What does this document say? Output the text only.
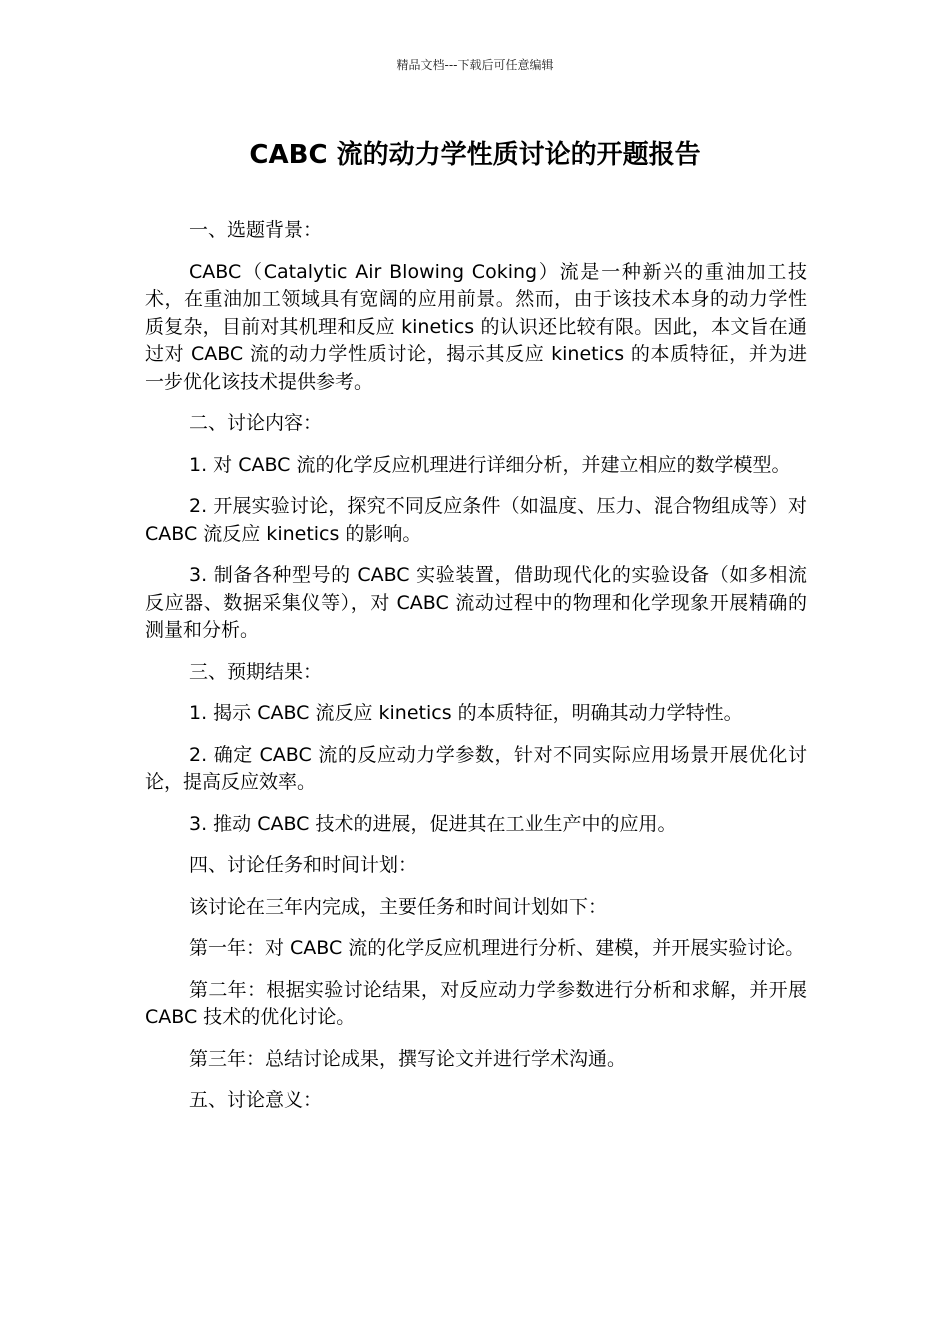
精品文档---下载后可任意编辑
CABC 流的动力学性质讨论的开题报告

一、选题背景：

CABC（Catalytic Air Blowing Coking）流是一种新兴的重油加工技术，在重油加工领域具有宽阔的应用前景。然而，由于该技术本身的动力学性质复杂，目前对其机理和反应 kinetics 的认识还比较有限。因此，本文旨在通过对 CABC 流的动力学性质讨论，揭示其反应 kinetics 的本质特征，并为进一步优化该技术提供参考。

二、讨论内容：

1. 对 CABC 流的化学反应机理进行详细分析，并建立相应的数学模型。

2. 开展实验讨论，探究不同反应条件（如温度、压力、混合物组成等）对 CABC 流反应 kinetics 的影响。

3. 制备各种型号的 CABC 实验装置，借助现代化的实验设备（如多相流反应器、数据采集仪等），对 CABC 流动过程中的物理和化学现象开展精确的测量和分析。

三、预期结果：

1. 揭示 CABC 流反应 kinetics 的本质特征，明确其动力学特性。

2. 确定 CABC 流的反应动力学参数，针对不同实际应用场景开展优化讨论，提高反应效率。

3. 推动 CABC 技术的进展，促进其在工业生产中的应用。

四、讨论任务和时间计划：

该讨论在三年内完成，主要任务和时间计划如下：

第一年：对 CABC 流的化学反应机理进行分析、建模，并开展实验讨论。

第二年：根据实验讨论结果，对反应动力学参数进行分析和求解，并开展 CABC 技术的优化讨论。

第三年：总结讨论成果，撰写论文并进行学术沟通。

五、讨论意义：
